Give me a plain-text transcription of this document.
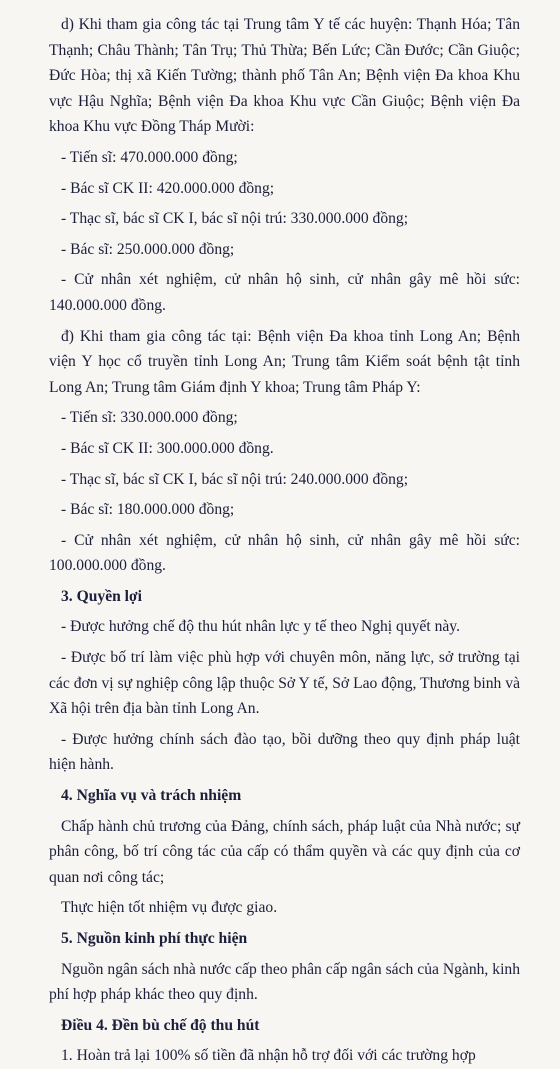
d) Khi tham gia công tác tại Trung tâm Y tế các huyện: Thạnh Hóa; Tân Thạnh; Châu Thành; Tân Trụ; Thủ Thừa; Bến Lức; Cần Đước; Cần Giuộc; Đức Hòa; thị xã Kiến Tường; thành phố Tân An; Bệnh viện Đa khoa Khu vực Hậu Nghĩa; Bệnh viện Đa khoa Khu vực Cần Giuộc; Bệnh viện Đa khoa Khu vực Đồng Tháp Mười:

- Tiến sĩ: 470.000.000 đồng;

- Bác sĩ CK II: 420.000.000 đồng;

- Thạc sĩ, bác sĩ CK I, bác sĩ nội trú: 330.000.000 đồng;

- Bác sĩ: 250.000.000 đồng;

- Cử nhân xét nghiệm, cử nhân hộ sinh, cử nhân gây mê hồi sức: 140.000.000 đồng.

đ) Khi tham gia công tác tại: Bệnh viện Đa khoa tỉnh Long An; Bệnh viện Y học cổ truyền tỉnh Long An; Trung tâm Kiểm soát bệnh tật tỉnh Long An; Trung tâm Giám định Y khoa; Trung tâm Pháp Y:

- Tiến sĩ: 330.000.000 đồng;

- Bác sĩ CK II: 300.000.000 đồng.

- Thạc sĩ, bác sĩ CK I, bác sĩ nội trú: 240.000.000 đồng;

- Bác sĩ: 180.000.000 đồng;

- Cử nhân xét nghiệm, cử nhân hộ sinh, cử nhân gây mê hồi sức: 100.000.000 đồng.

3. Quyền lợi

- Được hưởng chế độ thu hút nhân lực y tế theo Nghị quyết này.

- Được bố trí làm việc phù hợp với chuyên môn, năng lực, sở trường tại các đơn vị sự nghiệp công lập thuộc Sở Y tế, Sở Lao động, Thương binh và Xã hội trên địa bàn tỉnh Long An.

- Được hưởng chính sách đào tạo, bồi dưỡng theo quy định pháp luật hiện hành.

4. Nghĩa vụ và trách nhiệm

Chấp hành chủ trương của Đảng, chính sách, pháp luật của Nhà nước; sự phân công, bố trí công tác của cấp có thẩm quyền và các quy định của cơ quan nơi công tác;

Thực hiện tốt nhiệm vụ được giao.

5. Nguồn kinh phí thực hiện

Nguồn ngân sách nhà nước cấp theo phân cấp ngân sách của Ngành, kinh phí hợp pháp khác theo quy định.

Điều 4. Đền bù chế độ thu hút

1. Hoàn trả lại 100% số tiền đã nhận hỗ trợ đối với các trường hợp
